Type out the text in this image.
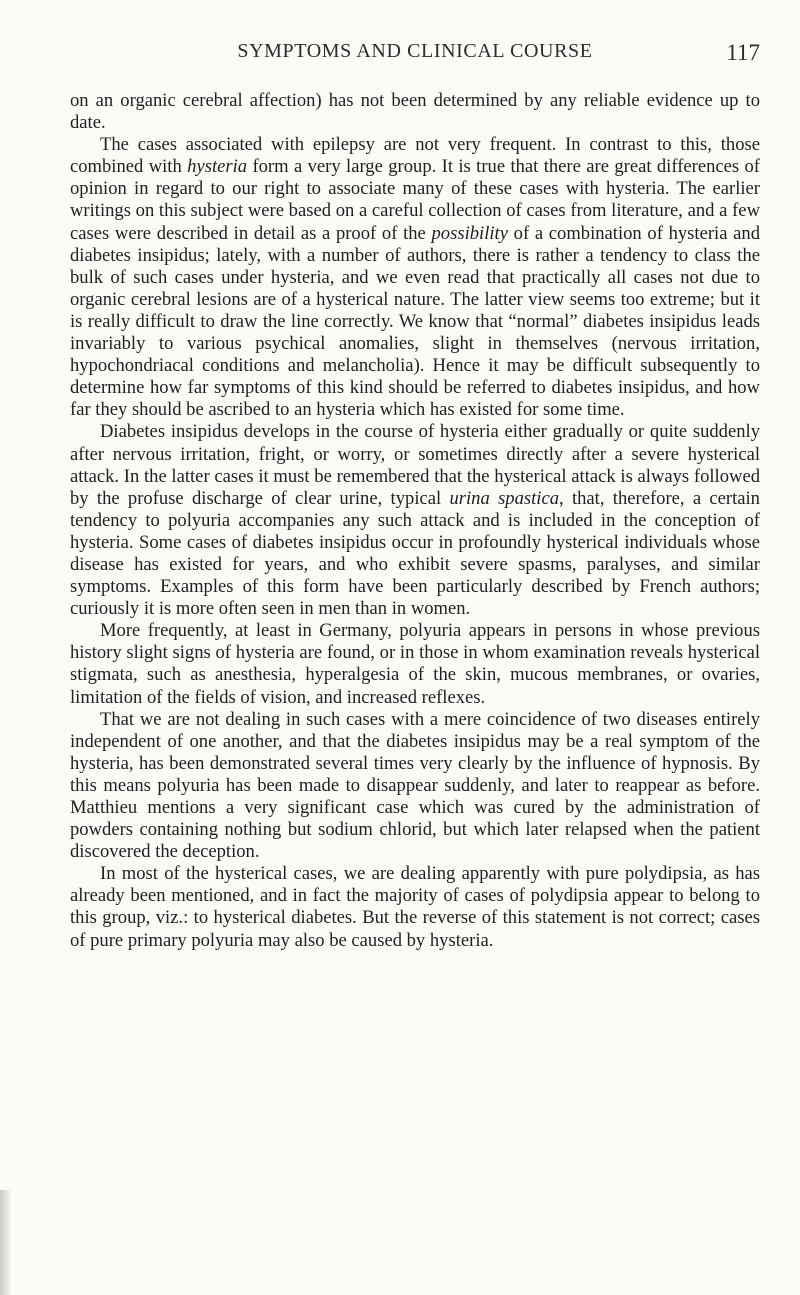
SYMPTOMS AND CLINICAL COURSE	117

on an organic cerebral affection) has not been determined by any reliable evidence up to date.

The cases associated with epilepsy are not very frequent. In contrast to this, those combined with hysteria form a very large group. It is true that there are great differences of opinion in regard to our right to associate many of these cases with hysteria. The earlier writings on this subject were based on a careful collection of cases from literature, and a few cases were described in detail as a proof of the possibility of a combination of hysteria and diabetes insipidus; lately, with a number of authors, there is rather a tendency to class the bulk of such cases under hysteria, and we even read that practically all cases not due to organic cerebral lesions are of a hysterical nature. The latter view seems too extreme; but it is really difficult to draw the line correctly. We know that “normal” diabetes insipidus leads invariably to various psychical anomalies, slight in themselves (nervous irritation, hypochondriacal conditions and melancholia). Hence it may be difficult subsequently to determine how far symptoms of this kind should be referred to diabetes insipidus, and how far they should be ascribed to an hysteria which has existed for some time.

Diabetes insipidus develops in the course of hysteria either gradually or quite suddenly after nervous irritation, fright, or worry, or sometimes directly after a severe hysterical attack. In the latter cases it must be remembered that the hysterical attack is always followed by the profuse discharge of clear urine, typical urina spastica, that, therefore, a certain tendency to polyuria accompanies any such attack and is included in the conception of hysteria. Some cases of diabetes insipidus occur in profoundly hysterical individuals whose disease has existed for years, and who exhibit severe spasms, paralyses, and similar symptoms. Examples of this form have been particularly described by French authors; curiously it is more often seen in men than in women.

More frequently, at least in Germany, polyuria appears in persons in whose previous history slight signs of hysteria are found, or in those in whom examination reveals hysterical stigmata, such as anesthesia, hyperalgesia of the skin, mucous membranes, or ovaries, limitation of the fields of vision, and increased reflexes.

That we are not dealing in such cases with a mere coincidence of two diseases entirely independent of one another, and that the diabetes insipidus may be a real symptom of the hysteria, has been demonstrated several times very clearly by the influence of hypnosis. By this means polyuria has been made to disappear suddenly, and later to reappear as before. Matthieu mentions a very significant case which was cured by the administration of powders containing nothing but sodium chlorid, but which later relapsed when the patient discovered the deception.

In most of the hysterical cases, we are dealing apparently with pure polydipsia, as has already been mentioned, and in fact the majority of cases of polydipsia appear to belong to this group, viz.: to hysterical diabetes. But the reverse of this statement is not correct; cases of pure primary polyuria may also be caused by hysteria.
